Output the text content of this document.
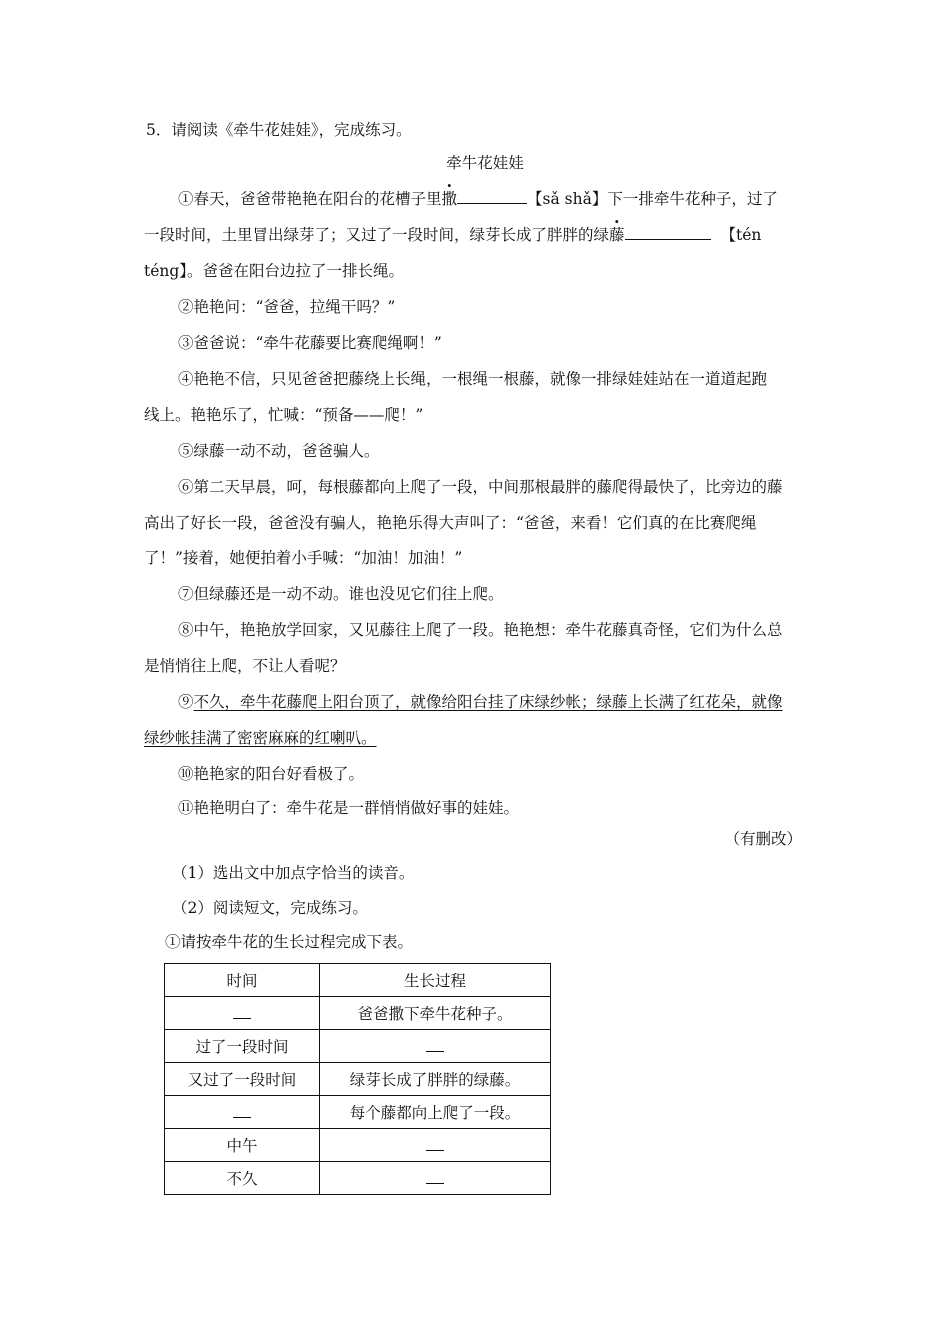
5．请阅读《牵牛花娃娃》，完成练习。
牵牛花娃娃
①春天，爸爸带艳艳在阳台的花槽子里撒	【sǎ shǎ】下一排牵牛花种子，过了
一段时间，土里冒出绿芽了；又过了一段时间，绿芽长成了胖胖的绿藤	【tén
téng】。爸爸在阳台边拉了一排长绳。
②艳艳问：“爸爸，拉绳干吗？”
③爸爸说：“牵牛花藤要比赛爬绳啊！”
④艳艳不信，只见爸爸把藤绕上长绳，一根绳一根藤，就像一排绿娃娃站在一道道起跑
线上。艳艳乐了，忙喊：“预备——爬！”
⑤绿藤一动不动，爸爸骗人。
⑥第二天早晨，呵，每根藤都向上爬了一段，中间那根最胖的藤爬得最快了，比旁边的藤
高出了好长一段，爸爸没有骗人，艳艳乐得大声叫了：“爸爸，来看！它们真的在比赛爬绳
了！”接着，她便拍着小手喊：“加油！加油！”
⑦但绿藤还是一动不动。谁也没见它们往上爬。
⑧中午，艳艳放学回家，又见藤往上爬了一段。艳艳想：牵牛花藤真奇怪，它们为什么总
是悄悄往上爬，不让人看呢？
⑨不久，牵牛花藤爬上阳台顶了，就像给阳台挂了床绿纱帐；绿藤上长满了红花朵，就像
绿纱帐挂满了密密麻麻的红喇叭。
⑩艳艳家的阳台好看极了。
⑪艳艳明白了：牵牛花是一群悄悄做好事的娃娃。
（有删改）
（1）选出文中加点字恰当的读音。
（2）阅读短文，完成练习。
①请按牵牛花的生长过程完成下表。
时间	生长过程
	爸爸撒下牵牛花种子。
过了一段时间	
又过了一段时间	绿芽长成了胖胖的绿藤。
	每个藤都向上爬了一段。
中午	
不久	
